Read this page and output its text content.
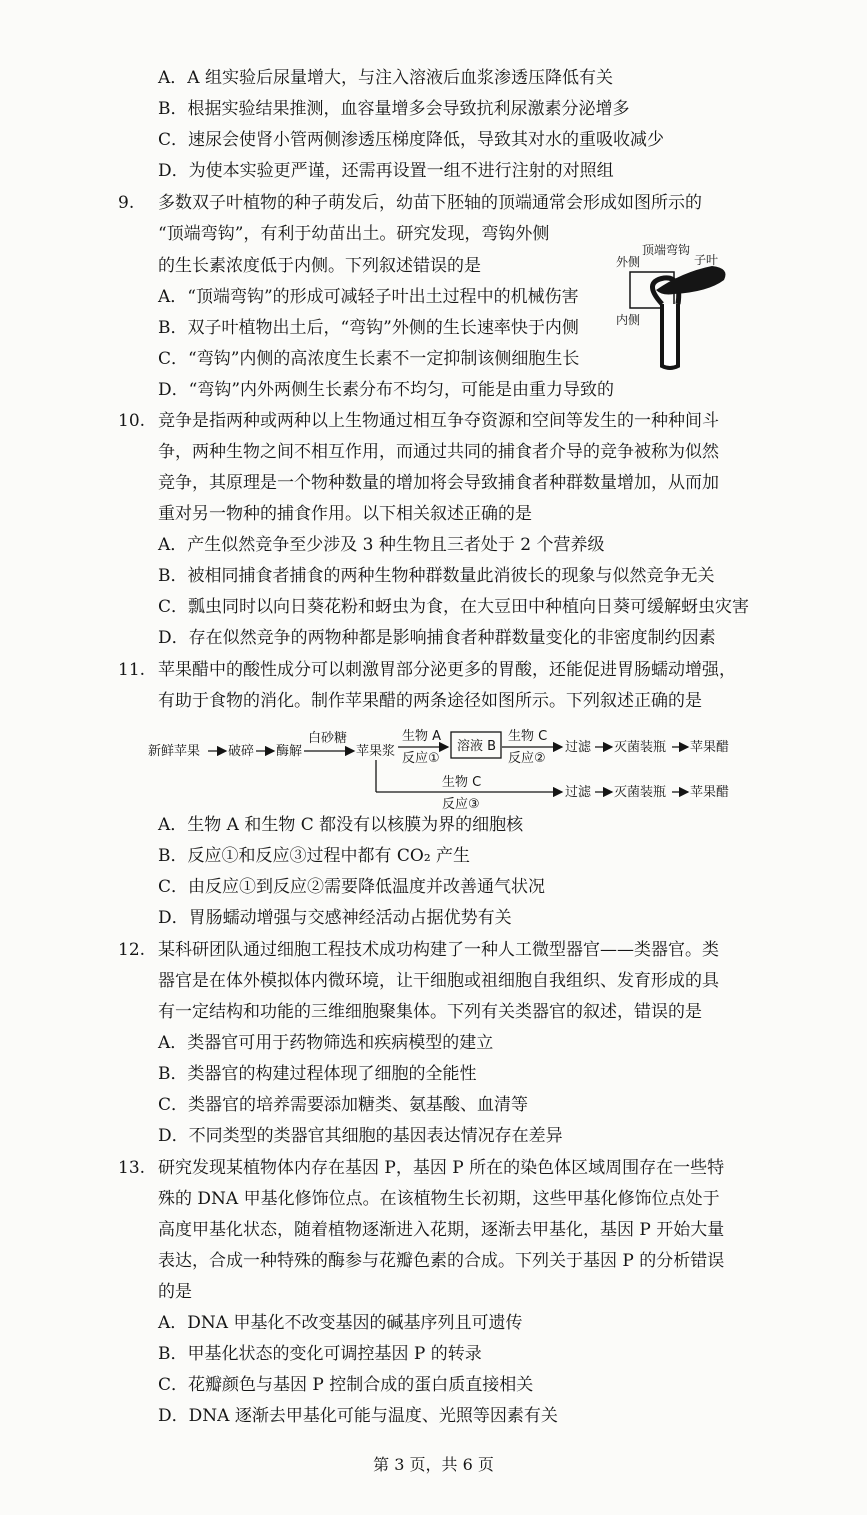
A．A 组实验后尿量增大，与注入溶液后血浆渗透压降低有关
B．根据实验结果推测，血容量增多会导致抗利尿激素分泌增多
C．速尿会使肾小管两侧渗透压梯度降低，导致其对水的重吸收减少
D．为使本实验更严谨，还需再设置一组不进行注射的对照组
9. 多数双子叶植物的种子萌发后，幼苗下胚轴的顶端通常会形成如图所示的
“顶端弯钩”，有利于幼苗出土。研究发现，弯钩外侧
的生长素浓度低于内侧。下列叙述错误的是
A．“顶端弯钩”的形成可减轻子叶出土过程中的机械伤害
B．双子叶植物出土后，“弯钩”外侧的生长速率快于内侧
C．“弯钩”内侧的高浓度生长素不一定抑制该侧细胞生长
D．“弯钩”内外两侧生长素分布不均匀，可能是由重力导致的
外侧
顶端弯钩
子叶
内侧
10. 竞争是指两种或两种以上生物通过相互争夺资源和空间等发生的一种种间斗
争，两种生物之间不相互作用，而通过共同的捕食者介导的竞争被称为似然
竞争，其原理是一个物种数量的增加将会导致捕食者种群数量增加，从而加
重对另一物种的捕食作用。以下相关叙述正确的是
A．产生似然竞争至少涉及 3 种生物且三者处于 2 个营养级
B．被相同捕食者捕食的两种生物种群数量此消彼长的现象与似然竞争无关
C．瓢虫同时以向日葵花粉和蚜虫为食，在大豆田中种植向日葵可缓解蚜虫灾害
D．存在似然竞争的两物种都是影响捕食者种群数量变化的非密度制约因素
11. 苹果醋中的酸性成分可以刺激胃部分泌更多的胃酸，还能促进胃肠蠕动增强，
有助于食物的消化。制作苹果醋的两条途径如图所示。下列叙述正确的是
新鲜苹果 破碎 酶解
白砂糖
苹果浆
生物 A
反应①
溶液 B
生物 C
反应②
过滤 灭菌装瓶 苹果醋
生物 C
反应③
过滤 灭菌装瓶 苹果醋
A．生物 A 和生物 C 都没有以核膜为界的细胞核
B．反应①和反应③过程中都有 CO₂ 产生
C．由反应①到反应②需要降低温度并改善通气状况
D．胃肠蠕动增强与交感神经活动占据优势有关
12. 某科研团队通过细胞工程技术成功构建了一种人工微型器官——类器官。类
器官是在体外模拟体内微环境，让干细胞或祖细胞自我组织、发育形成的具
有一定结构和功能的三维细胞聚集体。下列有关类器官的叙述，错误的是
A．类器官可用于药物筛选和疾病模型的建立
B．类器官的构建过程体现了细胞的全能性
C．类器官的培养需要添加糖类、氨基酸、血清等
D．不同类型的类器官其细胞的基因表达情况存在差异
13. 研究发现某植物体内存在基因 P，基因 P 所在的染色体区域周围存在一些特
殊的 DNA 甲基化修饰位点。在该植物生长初期，这些甲基化修饰位点处于
高度甲基化状态，随着植物逐渐进入花期，逐渐去甲基化，基因 P 开始大量
表达，合成一种特殊的酶参与花瓣色素的合成。下列关于基因 P 的分析错误
的是
A．DNA 甲基化不改变基因的碱基序列且可遗传
B．甲基化状态的变化可调控基因 P 的转录
C．花瓣颜色与基因 P 控制合成的蛋白质直接相关
D．DNA 逐渐去甲基化可能与温度、光照等因素有关
第 3 页，共 6 页
